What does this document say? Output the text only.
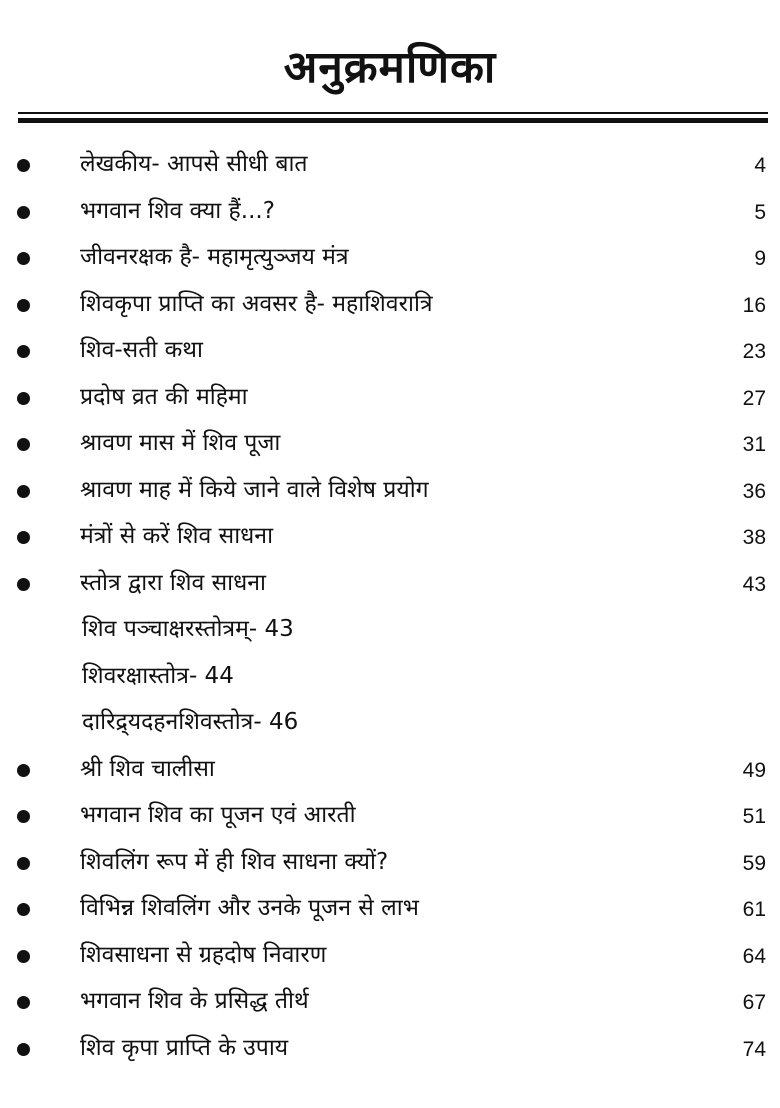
अनुक्रमणिका
लेखकीय- आपसे सीधी बात	4
भगवान शिव क्या हैं...?	5
जीवनरक्षक है- महामृत्युञ्जय मंत्र	9
शिवकृपा प्राप्ति का अवसर है- महाशिवरात्रि	16
शिव-सती कथा	23
प्रदोष व्रत की महिमा	27
श्रावण मास में शिव पूजा	31
श्रावण माह में किये जाने वाले विशेष प्रयोग	36
मंत्रों से करें शिव साधना	38
स्तोत्र द्वारा शिव साधना	43
शिव पञ्चाक्षरस्तोत्रम्- 43
शिवरक्षास्तोत्र- 44
दारिद्र्यदहनशिवस्तोत्र- 46
श्री शिव चालीसा	49
भगवान शिव का पूजन एवं आरती	51
शिवलिंग रूप में ही शिव साधना क्यों?	59
विभिन्न शिवलिंग और उनके पूजन से लाभ	61
शिवसाधना से ग्रहदोष निवारण	64
भगवान शिव के प्रसिद्ध तीर्थ	67
शिव कृपा प्राप्ति के उपाय	74
